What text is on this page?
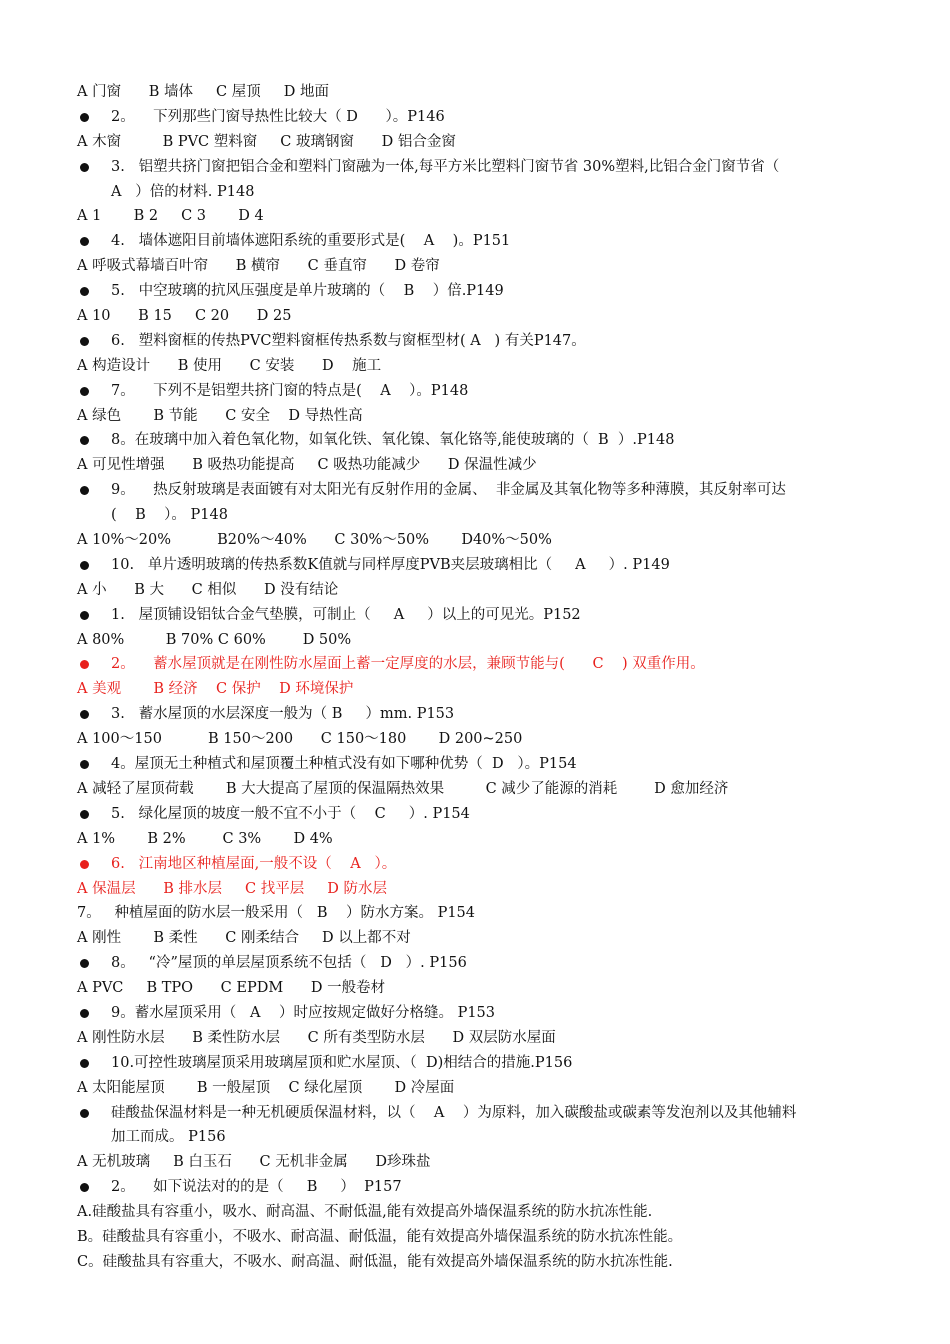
A 门窗      B 墙体     C 屋顶     D 地面
2。    下列那些门窗导热性比较大（ D      ）。P146
A 木窗         B PVC 塑料窗     C 玻璃钢窗      D 铝合金窗
3.   铝塑共挤门窗把铝合金和塑料门窗融为一体,每平方米比塑料门窗节省 30%塑料,比铝合金门窗节省（
A   ）倍的材料. P148
A 1       B 2     C 3       D 4
4.   墙体遮阳目前墙体遮阳系统的重要形式是(    A    )。P151
A 呼吸式幕墙百叶帘      B 横帘      C 垂直帘      D 卷帘
5.   中空玻璃的抗风压强度是单片玻璃的（    B    ）倍.P149
A 10      B 15     C 20      D 25
6.   塑料窗框的传热PVC塑料窗框传热系数与窗框型材( A   ) 有关P147。
A 构造设计      B 使用      C 安装      D    施工
7。    下列不是铝塑共挤门窗的特点是(    A    ）。P148
A 绿色       B 节能      C 安全    D 导热性高
8。在玻璃中加入着色氧化物，如氧化铁、氧化镍、氧化铬等,能使玻璃的（  B  ）.P148
A 可见性增强      B 吸热功能提高     C 吸热功能减少      D 保温性减少
9。    热反射玻璃是表面镀有对太阳光有反射作用的金属、  非金属及其氧化物等多种薄膜，其反射率可达
(    B    ）。 P148
A 10%～20%          B20%～40%      C 30%～50%       D40%～50%
10.   单片透明玻璃的传热系数K值就与同样厚度PVB夹层玻璃相比（     A     ）. P149
A 小      B 大      C 相似      D 没有结论
1.   屋顶铺设铝钛合金气垫膜，可制止（     A     ）以上的可见光。P152
A 80%         B 70% C 60%        D 50%
2。    蓄水屋顶就是在刚性防水屋面上蓄一定厚度的水层，兼顾节能与(      C    ) 双重作用。
A 美观       B 经济    C 保护    D 环境保护
3.   蓄水屋顶的水层深度一般为（ B     ）mm. P153
A 100～150          B 150～200      C 150～180       D 200~250
4。屋顶无土种植式和屋顶覆土种植式没有如下哪种优势（  D   ）。P154
A 减轻了屋顶荷载       B 大大提高了屋顶的保温隔热效果         C 减少了能源的消耗        D 愈加经济
5.   绿化屋顶的坡度一般不宜不小于（    C     ）. P154
A 1%       B 2%        C 3%       D 4%
6.   江南地区种植屋面,一般不设（    A   ）。
A 保温层      B 排水层     C 找平层     D 防水层
7。   种植屋面的防水层一般采用（   B    ）防水方案。 P154
A 刚性       B 柔性      C 刚柔结合     D 以上都不对
8。   “冷”屋顶的单层屋顶系统不包括（   D   ）. P156
A PVC     B TPO      C EPDM      D 一般卷材
9。蓄水屋顶采用（   A    ）时应按规定做好分格缝。 P153
A 刚性防水层      B 柔性防水层      C 所有类型防水层      D 双层防水屋面
10.可控性玻璃屋顶采用玻璃屋顶和贮水屋顶、（  D)相结合的措施.P156
A 太阳能屋顶       B 一般屋顶    C 绿化屋顶       D 冷屋面
硅酸盐保温材料是一种无机硬质保温材料，以（    A    ）为原料，加入碳酸盐或碳素等发泡剂以及其他辅料
加工而成。 P156
A 无机玻璃     B 白玉石      C 无机非金属      D珍珠盐
2。    如下说法对的的是（     B     ）  P157
A.硅酸盐具有容重小，吸水、耐高温、不耐低温,能有效提高外墙保温系统的防水抗冻性能.
B。硅酸盐具有容重小，不吸水、耐高温、耐低温，能有效提高外墙保温系统的防水抗冻性能。
C。硅酸盐具有容重大，不吸水、耐高温、耐低温，能有效提高外墙保温系统的防水抗冻性能.
